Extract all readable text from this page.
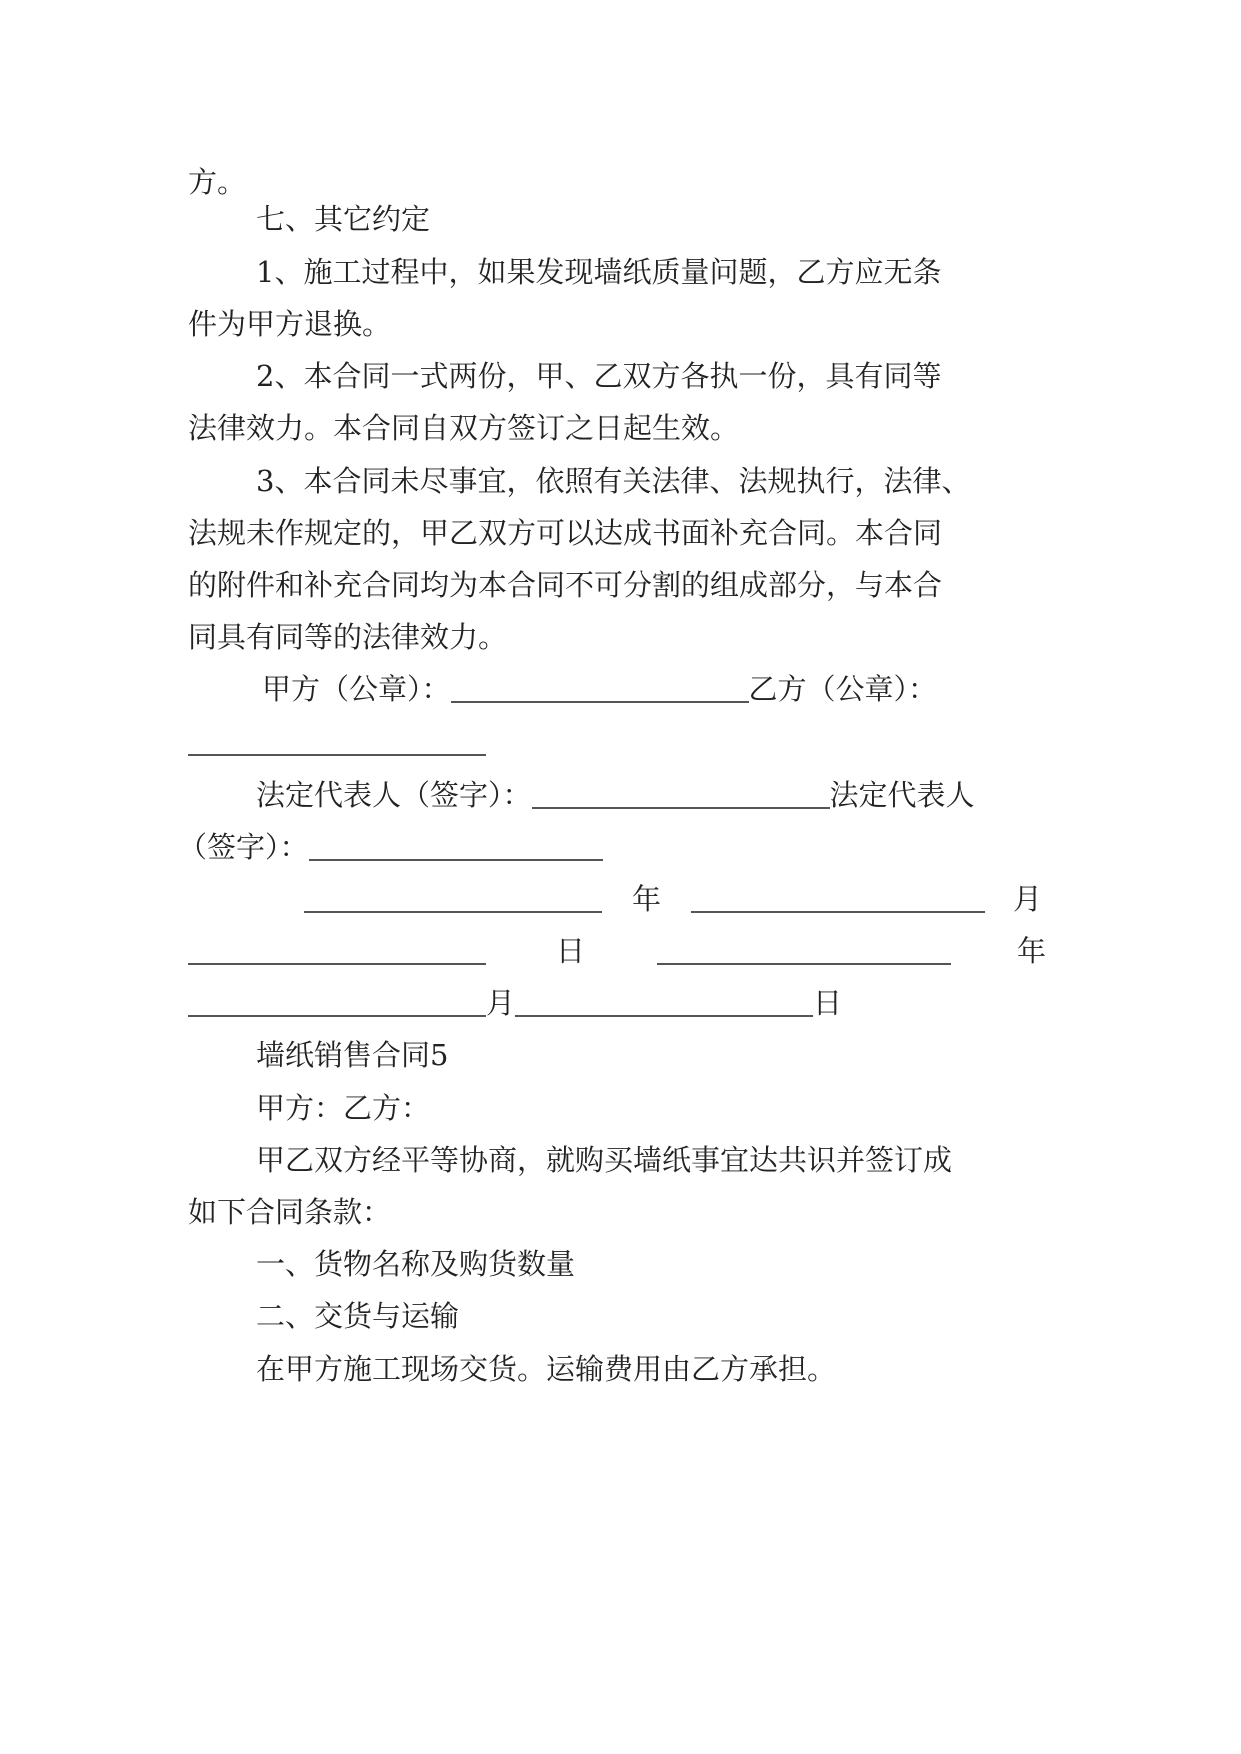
方。
七、其它约定
1、施工过程中，如果发现墙纸质量问题，乙方应无条
件为甲方退换。
2、本合同一式两份，甲、乙双方各执一份，具有同等
法律效力。本合同自双方签订之日起生效。
3、本合同未尽事宜，依照有关法律、法规执行，法律、
法规未作规定的，甲乙双方可以达成书面补充合同。本合同
的附件和补充合同均为本合同不可分割的组成部分，与本合
同具有同等的法律效力。
甲方（公章）：	乙方（公章）：
法定代表人（签字）：	法定代表人
（签字）：
年	月
日	年
月	日
墙纸销售合同5
甲方：乙方：
甲乙双方经平等协商，就购买墙纸事宜达共识并签订成
如下合同条款：
一、货物名称及购货数量
二、交货与运输
在甲方施工现场交货。运输费用由乙方承担。
